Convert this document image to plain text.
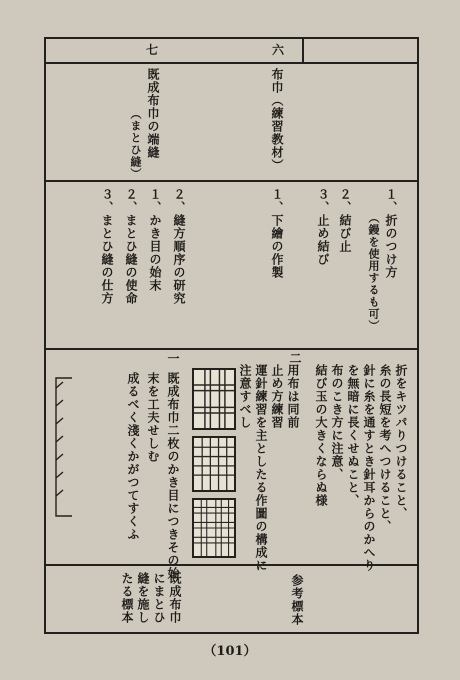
六
七
布巾（練習教材）
既成布巾の端縫
（まとひ縫）
１、折のつけ方
（鏝を使用するも可）
２、結び止
３、止め結び
１、下繪の作製
２、縫方順序の研究
１、かき目の始末
２、まとひ縫の使命
３、まとひ縫の仕方
二
一
折をキツパりつけること、
糸の長短を考へつけること、
針に糸を通すとき針耳からのかへり
を無暗に長くせぬこと、
布のこき方に注意、
結び玉の大きくならぬ様
用布は同前
止め方練習
運針練習を主としたる作圖の構成に
注意すべし
既成布巾二枚のかき目につきその始
末を工夫せしむ
成るべく淺くかがつてすくふ
参考標本
既成布巾
にまとひ
縫を施し
たる標本
（101）
